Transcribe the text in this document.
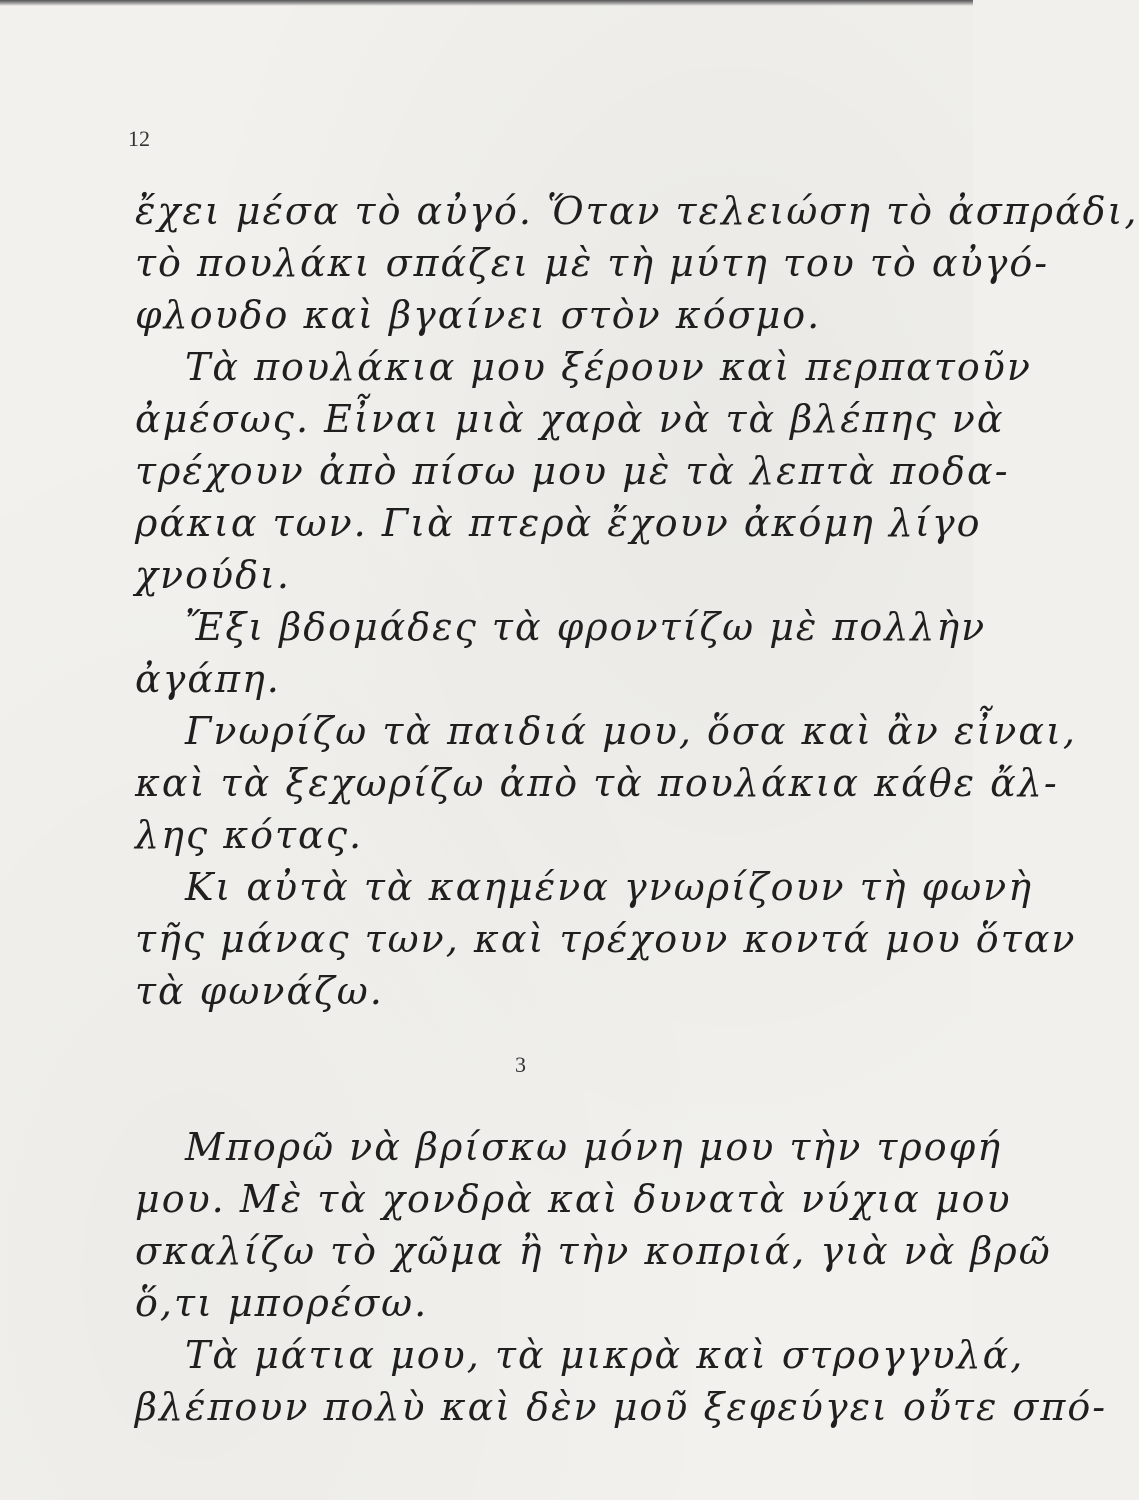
12
ἔχει μέσα τὸ αὐγό. Ὅταν τελειώση τὸ ἀσπράδι,
τὸ πουλάκι σπάζει μὲ τὴ μύτη του τὸ αὐγό-
φλουδο καὶ βγαίνει στὸν κόσμο.
Τὰ πουλάκια μου ξέρουν καὶ περπατοῦν
ἀμέσως. Εἶναι μιὰ χαρὰ νὰ τὰ βλέπης νὰ
τρέχουν ἀπὸ πίσω μου μὲ τὰ λεπτὰ ποδα-
ράκια των. Γιὰ πτερὰ ἔχουν ἀκόμη λίγο
χνούδι.
Ἔξι βδομάδες τὰ φροντίζω μὲ πολλὴν
ἀγάπη.
Γνωρίζω τὰ παιδιά μου, ὅσα καὶ ἂν εἶναι,
καὶ τὰ ξεχωρίζω ἀπὸ τὰ πουλάκια κάθε ἄλ-
λης κότας.
Κι αὐτὰ τὰ καημένα γνωρίζουν τὴ φωνὴ
τῆς μάνας των, καὶ τρέχουν κοντά μου ὅταν
τὰ φωνάζω.
3
Μπορῶ νὰ βρίσκω μόνη μου τὴν τροφή
μου. Μὲ τὰ χονδρὰ καὶ δυνατὰ νύχια μου
σκαλίζω τὸ χῶμα ἢ τὴν κοπριά, γιὰ νὰ βρῶ
ὅ,τι μπορέσω.
Τὰ μάτια μου, τὰ μικρὰ καὶ στρογγυλά,
βλέπουν πολὺ καὶ δὲν μοῦ ξεφεύγει οὔτε σπό-
